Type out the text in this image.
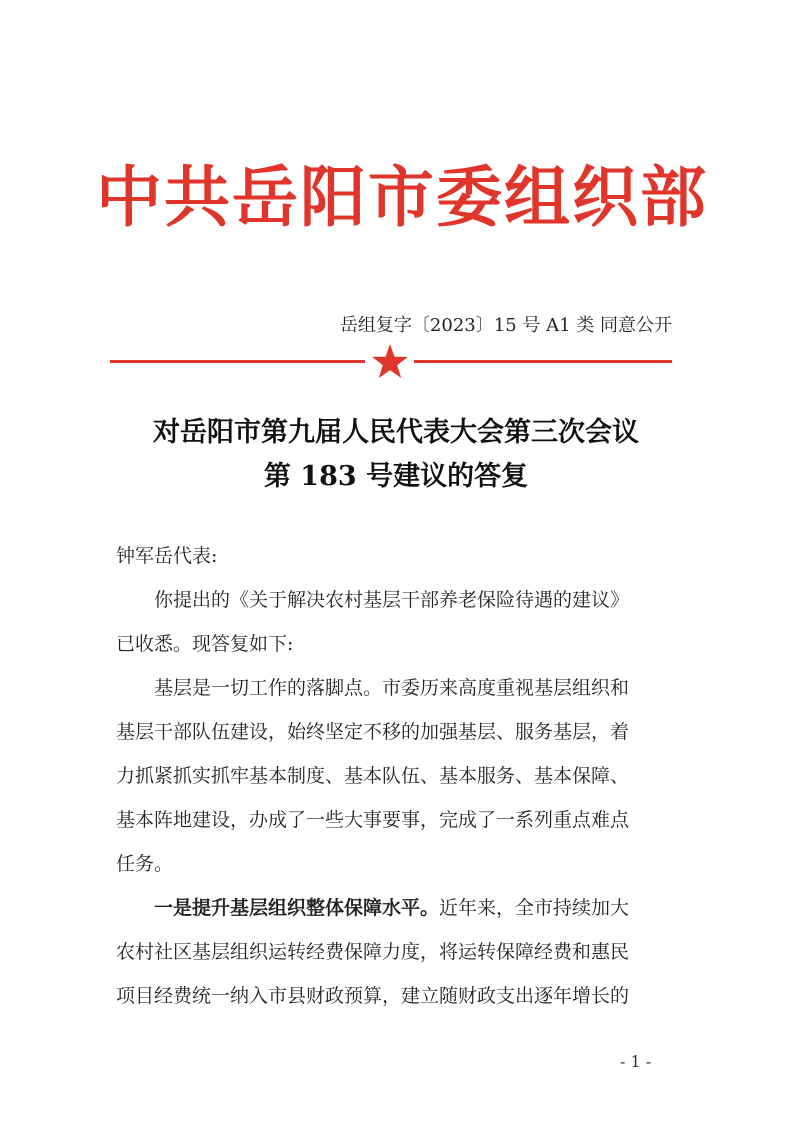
中共岳阳市委组织部
岳组复字〔2023〕15 号 A1 类 同意公开
对岳阳市第九届人民代表大会第三次会议
第 183 号建议的答复
钟军岳代表:
你提出的《关于解决农村基层干部养老保险待遇的建议》
已收悉。现答复如下:
基层是一切工作的落脚点。市委历来高度重视基层组织和
基层干部队伍建设，始终坚定不移的加强基层、服务基层，着
力抓紧抓实抓牢基本制度、基本队伍、基本服务、基本保障、
基本阵地建设，办成了一些大事要事，完成了一系列重点难点
任务。
一是提升基层组织整体保障水平。近年来，全市持续加大
农村社区基层组织运转经费保障力度，将运转保障经费和惠民
项目经费统一纳入市县财政预算，建立随财政支出逐年增长的
- 1 -
